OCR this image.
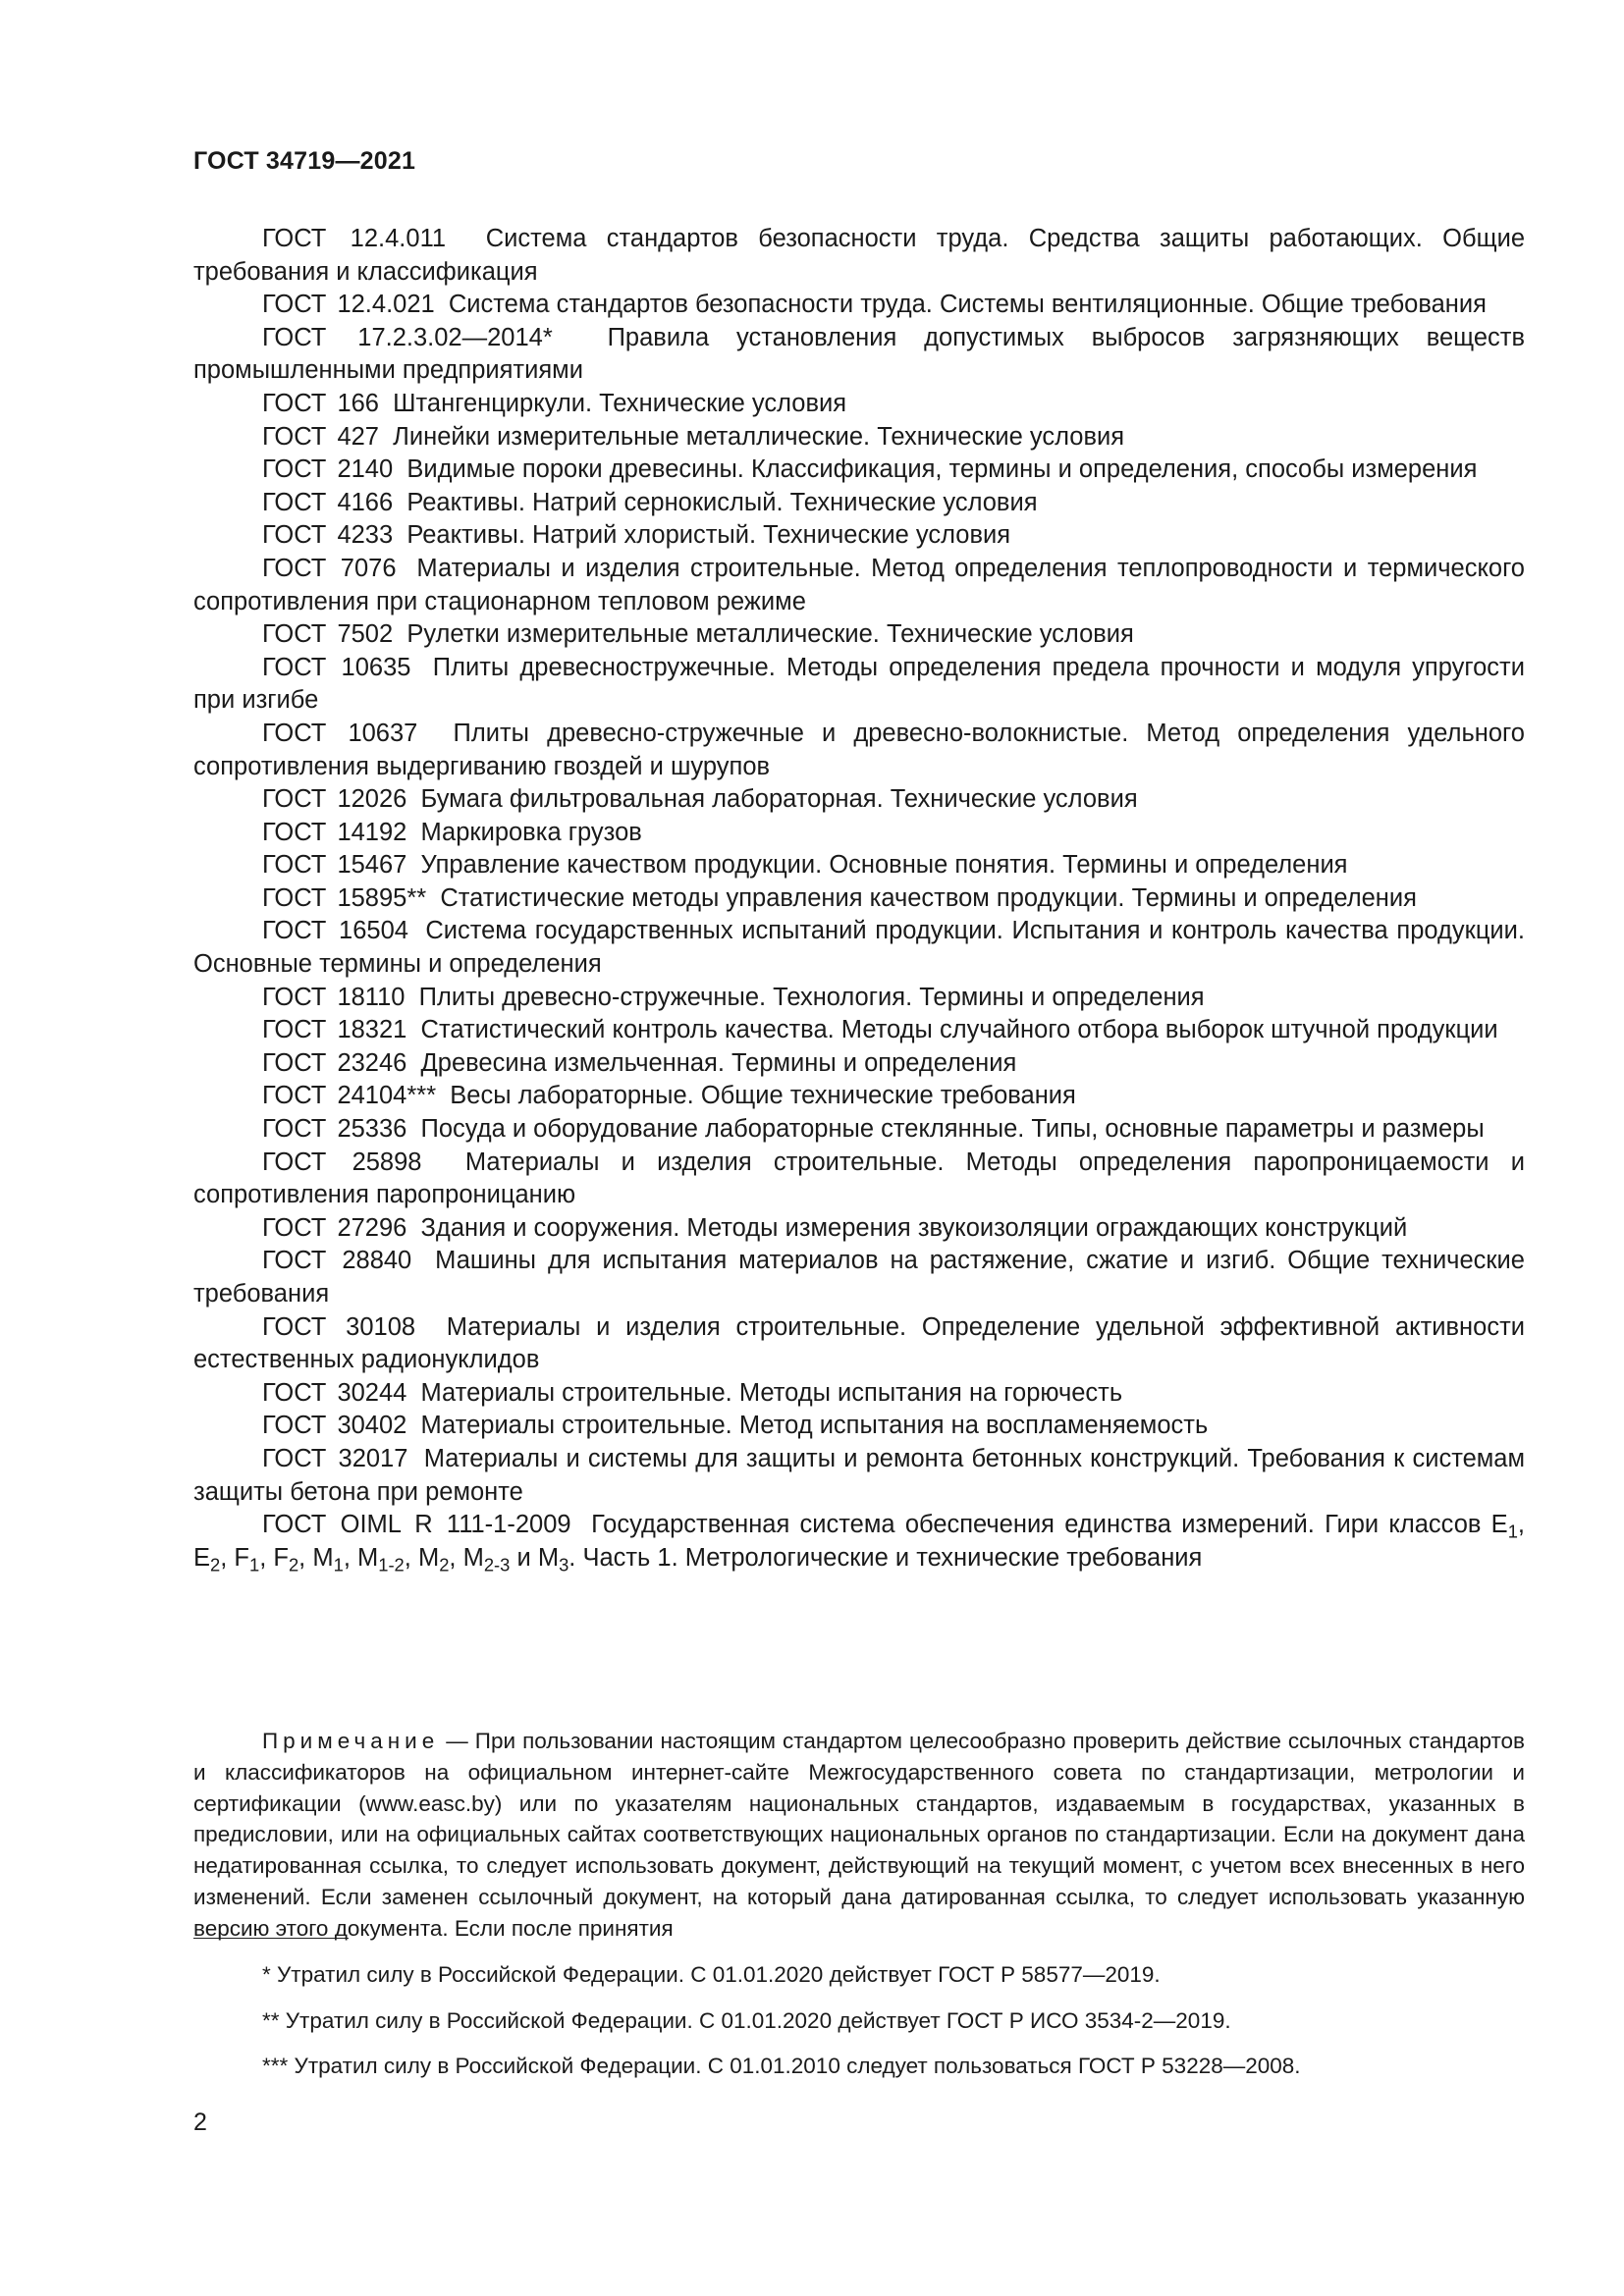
ГОСТ 34719—2021

ГОСТ 12.4.011 Система стандартов безопасности труда. Средства защиты работающих. Общие требования и классификация

ГОСТ 12.4.021 Система стандартов безопасности труда. Системы вентиляционные. Общие требования

ГОСТ 17.2.3.02—2014* Правила установления допустимых выбросов загрязняющих веществ промышленными предприятиями

ГОСТ 166 Штангенциркули. Технические условия

ГОСТ 427 Линейки измерительные металлические. Технические условия

ГОСТ 2140 Видимые пороки древесины. Классификация, термины и определения, способы измерения

ГОСТ 4166 Реактивы. Натрий сернокислый. Технические условия

ГОСТ 4233 Реактивы. Натрий хлористый. Технические условия

ГОСТ 7076 Материалы и изделия строительные. Метод определения теплопроводности и термического сопротивления при стационарном тепловом режиме

ГОСТ 7502 Рулетки измерительные металлические. Технические условия

ГОСТ 10635 Плиты древесностружечные. Методы определения предела прочности и модуля упругости при изгибе

ГОСТ 10637 Плиты древесно-стружечные и древесно-волокнистые. Метод определения удельного сопротивления выдергиванию гвоздей и шурупов

ГОСТ 12026 Бумага фильтровальная лабораторная. Технические условия

ГОСТ 14192 Маркировка грузов

ГОСТ 15467 Управление качеством продукции. Основные понятия. Термины и определения

ГОСТ 15895** Статистические методы управления качеством продукции. Термины и определения

ГОСТ 16504 Система государственных испытаний продукции. Испытания и контроль качества продукции. Основные термины и определения

ГОСТ 18110 Плиты древесно-стружечные. Технология. Термины и определения

ГОСТ 18321 Статистический контроль качества. Методы случайного отбора выборок штучной продукции

ГОСТ 23246 Древесина измельченная. Термины и определения

ГОСТ 24104*** Весы лабораторные. Общие технические требования

ГОСТ 25336 Посуда и оборудование лабораторные стеклянные. Типы, основные параметры и размеры

ГОСТ 25898 Материалы и изделия строительные. Методы определения паропроницаемости и сопротивления паропроницанию

ГОСТ 27296 Здания и сооружения. Методы измерения звукоизоляции ограждающих конструкций

ГОСТ 28840 Машины для испытания материалов на растяжение, сжатие и изгиб. Общие технические требования

ГОСТ 30108 Материалы и изделия строительные. Определение удельной эффективной активности естественных радионуклидов

ГОСТ 30244 Материалы строительные. Методы испытания на горючесть

ГОСТ 30402 Материалы строительные. Метод испытания на воспламеняемость

ГОСТ 32017 Материалы и системы для защиты и ремонта бетонных конструкций. Требования к системам защиты бетона при ремонте

ГОСТ OIML R 111-1-2009 Государственная система обеспечения единства измерений. Гири классов $E_1$, $E_2$, $F_1$, $F_2$, $M_1$, $M_{1-2}$, $M_2$, $M_{2-3}$ и $M_3$. Часть 1. Метрологические и технические требования

Примечание — При пользовании настоящим стандартом целесообразно проверить действие ссылочных стандартов и классификаторов на официальном интернет-сайте Межгосударственного совета по стандартизации, метрологии и сертификации (www.easc.by) или по указателям национальных стандартов, издаваемым в государствах, указанных в предисловии, или на официальных сайтах соответствующих национальных органов по стандартизации. Если на документ дана недатированная ссылка, то следует использовать документ, действующий на текущий момент, с учетом всех внесенных в него изменений. Если заменен ссылочный документ, на который дана датированная ссылка, то следует использовать указанную версию этого документа. Если после принятия

* Утратил силу в Российской Федерации. С 01.01.2020 действует ГОСТ Р 58577—2019.

** Утратил силу в Российской Федерации. С 01.01.2020 действует ГОСТ Р ИСО 3534-2—2019.

*** Утратил силу в Российской Федерации. С 01.01.2010 следует пользоваться ГОСТ Р 53228—2008.

2
